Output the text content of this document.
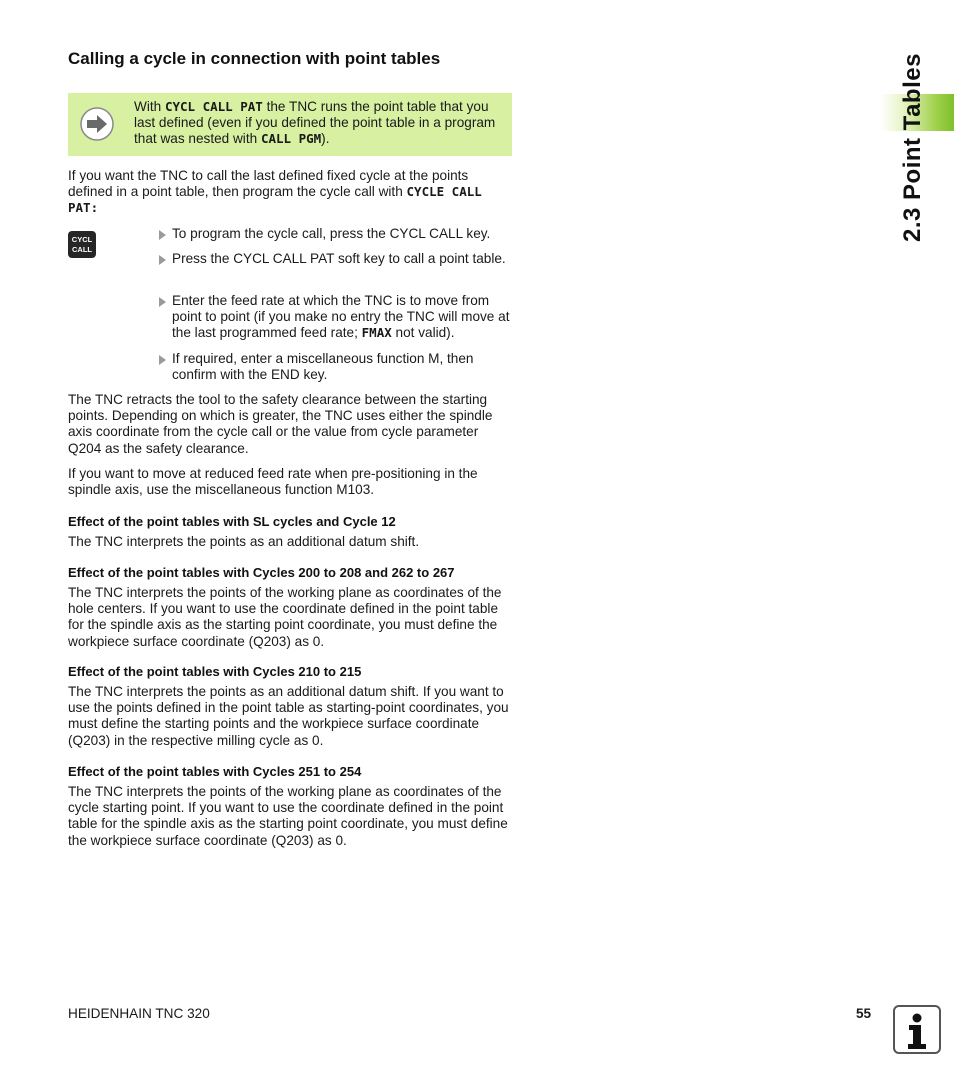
Calling a cycle in connection with point tables
With CYCL CALL PAT the TNC runs the point table that you last defined (even if you defined the point table in a program that was nested with CALL PGM).

If you want the TNC to call the last defined fixed cycle at the points defined in a point table, then program the cycle call with CYCLE CALL PAT:

CYCL
CALL
To program the cycle call, press the CYCL CALL key.
Press the CYCL CALL PAT soft key to call a point table.
Enter the feed rate at which the TNC is to move from point to point (if you make no entry the TNC will move at the last programmed feed rate; FMAX not valid).
If required, enter a miscellaneous function M, then confirm with the END key.

The TNC retracts the tool to the safety clearance between the starting points. Depending on which is greater, the TNC uses either the spindle axis coordinate from the cycle call or the value from cycle parameter Q204 as the safety clearance.

If you want to move at reduced feed rate when pre-positioning in the spindle axis, use the miscellaneous function M103.

Effect of the point tables with SL cycles and Cycle 12

The TNC interprets the points as an additional datum shift.

Effect of the point tables with Cycles 200 to 208 and 262 to 267

The TNC interprets the points of the working plane as coordinates of the hole centers. If you want to use the coordinate defined in the point table for the spindle axis as the starting point coordinate, you must define the workpiece surface coordinate (Q203) as 0.

Effect of the point tables with Cycles 210 to 215

The TNC interprets the points as an additional datum shift. If you want to use the points defined in the point table as starting-point coordinates, you must define the starting points and the workpiece surface coordinate (Q203) in the respective milling cycle as 0.

Effect of the point tables with Cycles 251 to 254

The TNC interprets the points of the working plane as coordinates of the cycle starting point. If you want to use the coordinate defined in the point table for the spindle axis as the starting point coordinate, you must define the workpiece surface coordinate (Q203) as 0.

2.3 Point Tables
HEIDENHAIN TNC 320	55
